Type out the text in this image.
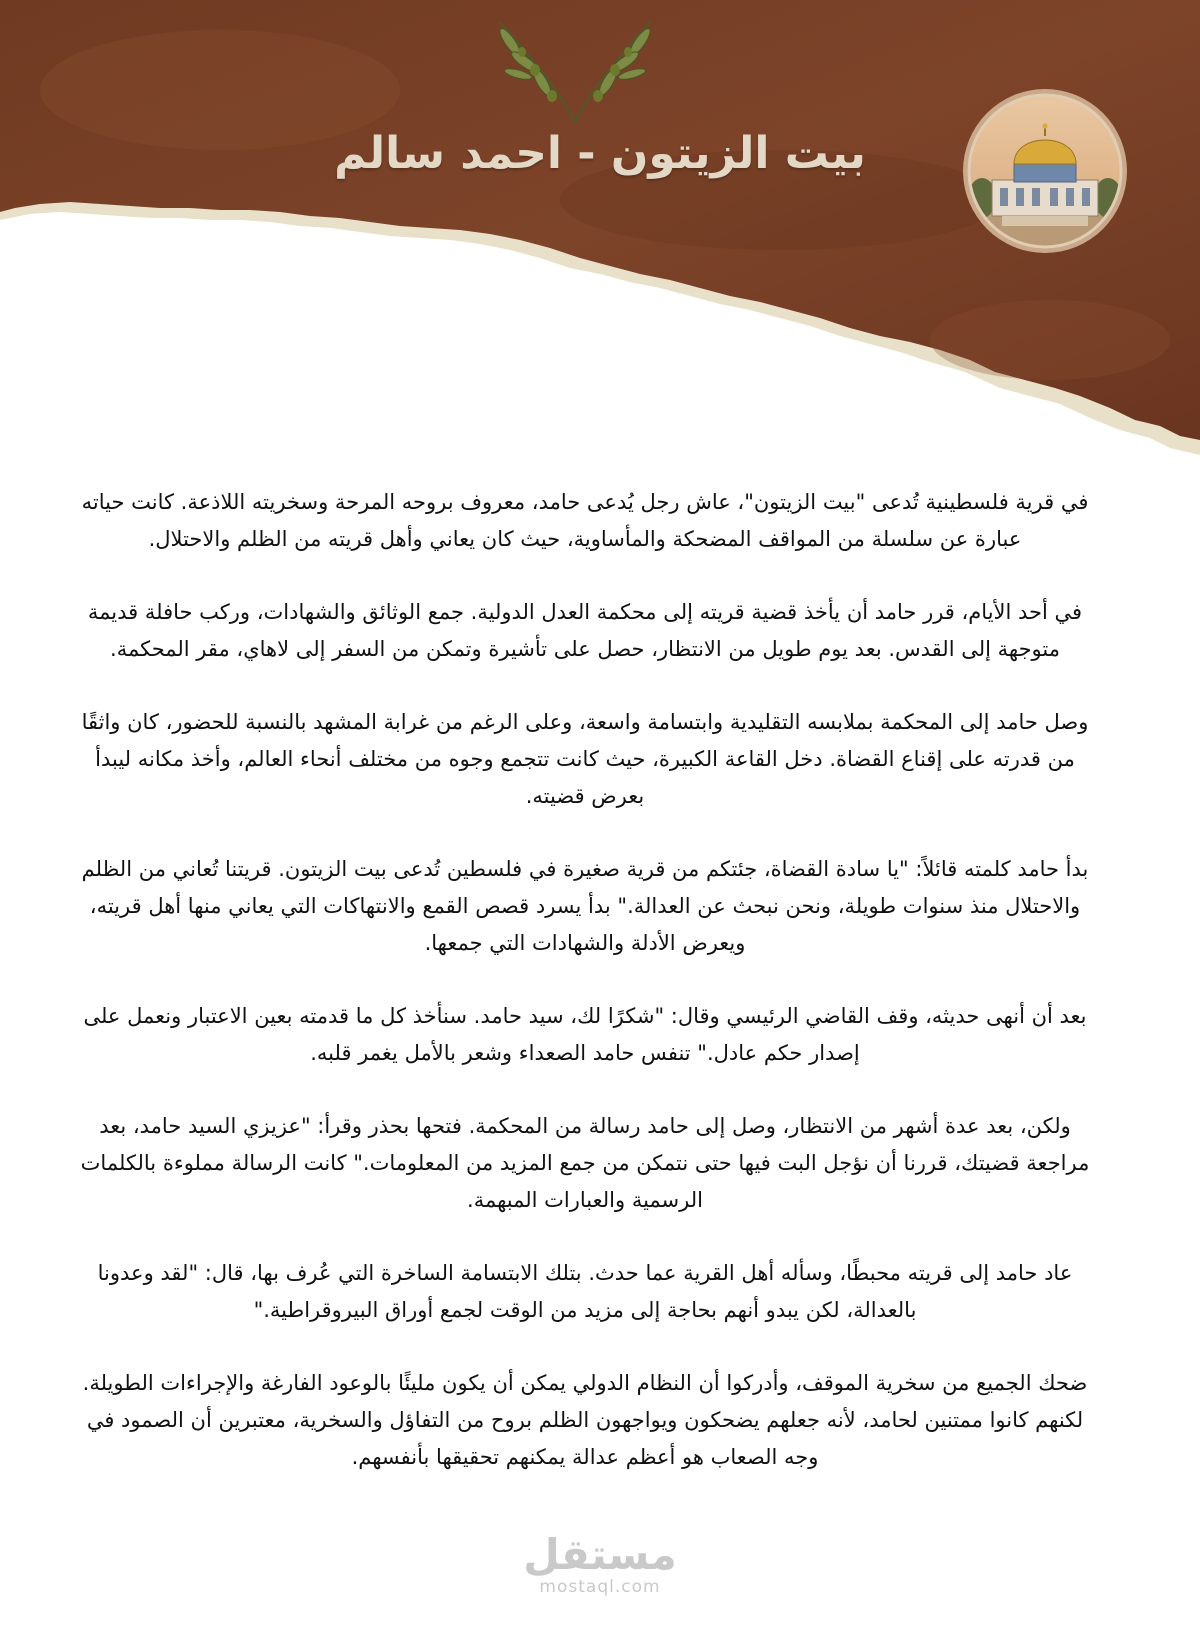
بيت الزيتون - احمد سالم

في قرية فلسطينية تُدعى "بيت الزيتون"، عاش رجل يُدعى حامد، معروف بروحه المرحة وسخريته اللاذعة. كانت حياته عبارة عن سلسلة من المواقف المضحكة والمأساوية، حيث كان يعاني وأهل قريته من الظلم والاحتلال.

في أحد الأيام، قرر حامد أن يأخذ قضية قريته إلى محكمة العدل الدولية. جمع الوثائق والشهادات، وركب حافلة قديمة متوجهة إلى القدس. بعد يوم طويل من الانتظار، حصل على تأشيرة وتمكن من السفر إلى لاهاي، مقر المحكمة.

وصل حامد إلى المحكمة بملابسه التقليدية وابتسامة واسعة، وعلى الرغم من غرابة المشهد بالنسبة للحضور، كان واثقًا من قدرته على إقناع القضاة. دخل القاعة الكبيرة، حيث كانت تتجمع وجوه من مختلف أنحاء العالم، وأخذ مكانه ليبدأ بعرض قضيته.

بدأ حامد كلمته قائلاً: "يا سادة القضاة، جئتكم من قرية صغيرة في فلسطين تُدعى بيت الزيتون. قريتنا تُعاني من الظلم والاحتلال منذ سنوات طويلة، ونحن نبحث عن العدالة." بدأ يسرد قصص القمع والانتهاكات التي يعاني منها أهل قريته، ويعرض الأدلة والشهادات التي جمعها.

بعد أن أنهى حديثه، وقف القاضي الرئيسي وقال: "شكرًا لك، سيد حامد. سنأخذ كل ما قدمته بعين الاعتبار ونعمل على إصدار حكم عادل." تنفس حامد الصعداء وشعر بالأمل يغمر قلبه.

ولكن، بعد عدة أشهر من الانتظار، وصل إلى حامد رسالة من المحكمة. فتحها بحذر وقرأ: "عزيزي السيد حامد، بعد مراجعة قضيتك، قررنا أن نؤجل البت فيها حتى نتمكن من جمع المزيد من المعلومات." كانت الرسالة مملوءة بالكلمات الرسمية والعبارات المبهمة.

عاد حامد إلى قريته محبطًا، وسأله أهل القرية عما حدث. بتلك الابتسامة الساخرة التي عُرف بها، قال: "لقد وعدونا بالعدالة، لكن يبدو أنهم بحاجة إلى مزيد من الوقت لجمع أوراق البيروقراطية."

ضحك الجميع من سخرية الموقف، وأدركوا أن النظام الدولي يمكن أن يكون مليئًا بالوعود الفارغة والإجراءات الطويلة. لكنهم كانوا ممتنين لحامد، لأنه جعلهم يضحكون ويواجهون الظلم بروح من التفاؤل والسخرية، معتبرين أن الصمود في وجه الصعاب هو أعظم عدالة يمكنهم تحقيقها بأنفسهم.

مستقل
mostaql.com
